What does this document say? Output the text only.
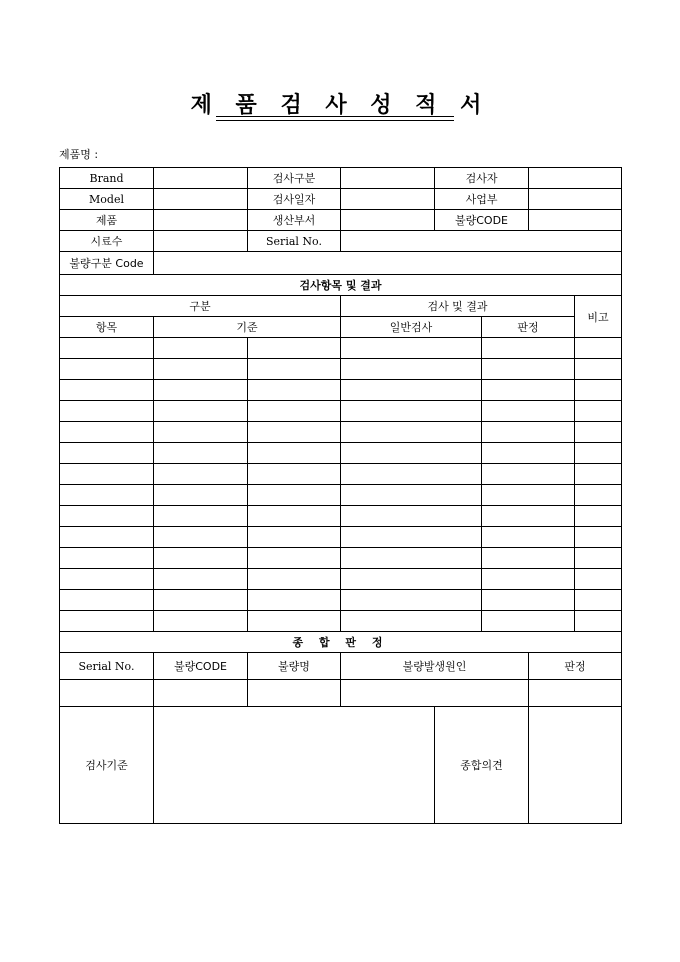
제 품 검 사 성 적 서
제품명 :
Brand		검사구분		검사자			
Model		검사일자		사업부			
제품		생산부서		불량CODE			
시료수		Serial No.					
불량구분 Code							
검사항목 및 결과							
구분			검사 및 결과				비고
항목	기준		일반검사		판정		

종 합 판 정							
Serial No.	불량CODE	불량명	불량발생원인			판정	

검사기준				종합의견			
